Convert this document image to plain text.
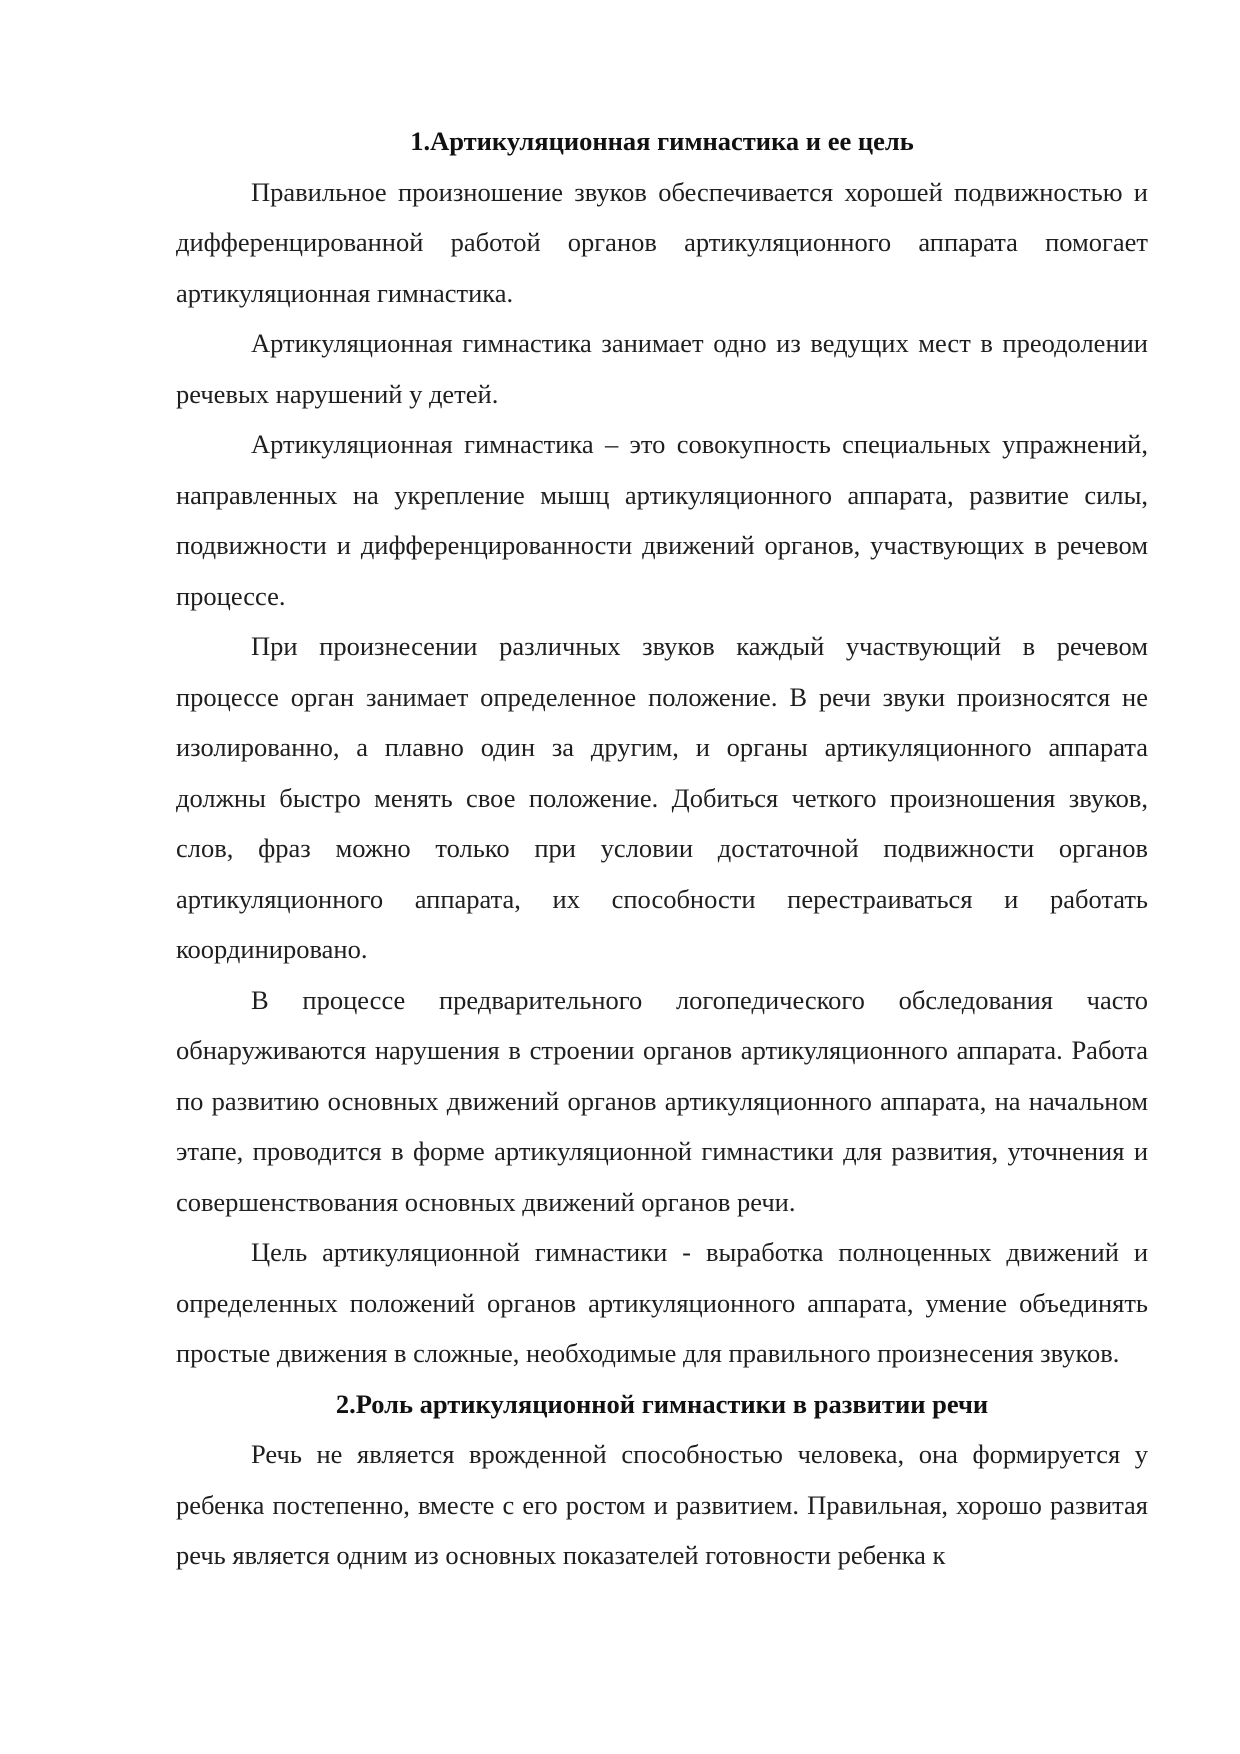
1.Артикуляционная гимнастика и ее цель

Правильное произношение звуков обеспечивается хорошей подвижностью и дифференцированной работой органов артикуляционного аппарата помогает артикуляционная гимнастика.

Артикуляционная гимнастика занимает одно из ведущих мест в преодолении речевых нарушений у детей.

Артикуляционная гимнастика – это совокупность специальных упражнений, направленных на укрепление мышц артикуляционного аппарата, развитие силы, подвижности и дифференцированности движений органов, участвующих в речевом процессе.

При произнесении различных звуков каждый участвующий в речевом процессе орган занимает определенное положение. В речи звуки произносятся не изолированно, а плавно один за другим, и органы артикуляционного аппарата должны быстро менять свое положение. Добиться четкого произношения звуков, слов, фраз можно только при условии достаточной подвижности органов артикуляционного аппарата, их способности перестраиваться и работать координировано.

В процессе предварительного логопедического обследования часто обнаруживаются нарушения в строении органов артикуляционного аппарата. Работа по развитию основных движений органов артикуляционного аппарата, на начальном этапе, проводится в форме артикуляционной гимнастики для развития, уточнения и совершенствования основных движений органов речи.

Цель артикуляционной гимнастики - выработка полноценных движений и определенных положений органов артикуляционного аппарата, умение объединять простые движения в сложные, необходимые для правильного произнесения звуков.

2.Роль артикуляционной гимнастики в развитии речи

Речь не является врожденной способностью человека, она формируется у ребенка постепенно, вместе с его ростом и развитием. Правильная, хорошо развитая речь является одним из основных показателей готовности ребенка к
